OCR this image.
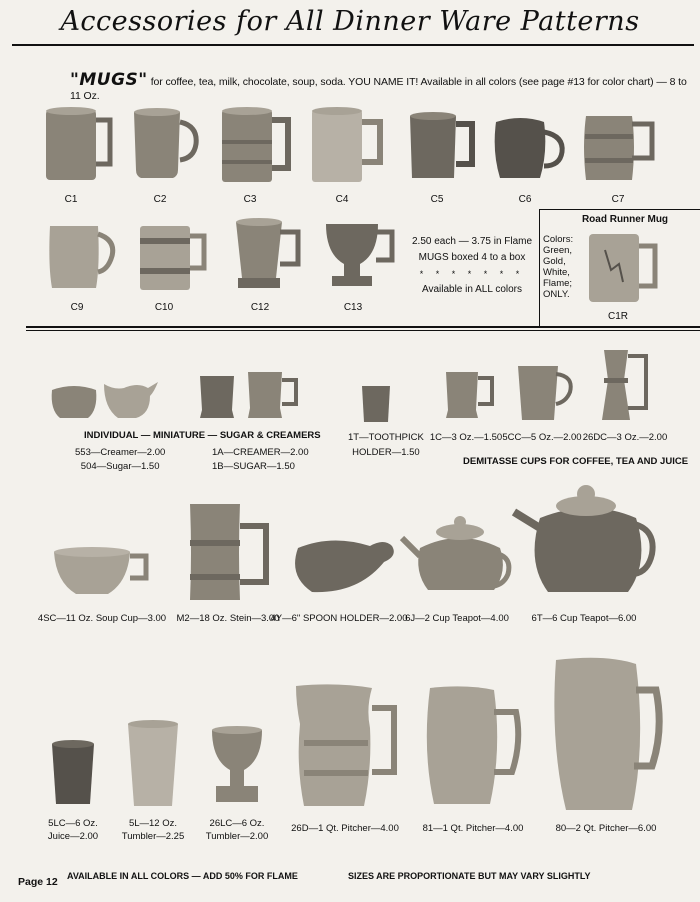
Accessories for All Dinner Ware Patterns
"MUGS" for coffee, tea, milk, chocolate, soup, soda. YOU NAME IT! Available in all colors (see page #13 for color chart) — 8 to 11 Oz.
C1	C2	C3	C4	C5	C6	C7
C9	C10	C12	C13
2.50 each — 3.75 in Flame
MUGS boxed 4 to a box
* * * * * * *
Available in ALL colors
Road Runner Mug
Colors:
Green,
Gold,
White,
Flame;
ONLY.
C1R
INDIVIDUAL — MINIATURE — SUGAR & CREAMERS
553—Creamer—2.00
504—Sugar—1.50
1A—CREAMER—2.00
1B—SUGAR—1.50
1T—TOOTHPICK
HOLDER—1.50
1C—3 Oz.—1.50 5CC—5 Oz.—2.00 26DC—3 Oz.—2.00
DEMITASSE CUPS FOR COFFEE, TEA AND JUICE
4SC—11 Oz. Soup Cup—3.00 M2—18 Oz. Stein—3.00
4Y—6" SPOON HOLDER—2.00
6J—2 Cup Teapot—4.00 6T—6 Cup Teapot—6.00
5LC—6 Oz.
Juice—2.00
5L—12 Oz.
Tumbler—2.25
26LC—6 Oz.
Tumbler—2.00
26D—1 Qt. Pitcher—4.00 81—1 Qt. Pitcher—4.00	80—2 Qt. Pitcher—6.00
Page 12 AVAILABLE IN ALL COLORS — ADD 50% FOR FLAME	SIZES ARE PROPORTIONATE BUT MAY VARY SLIGHTLY
